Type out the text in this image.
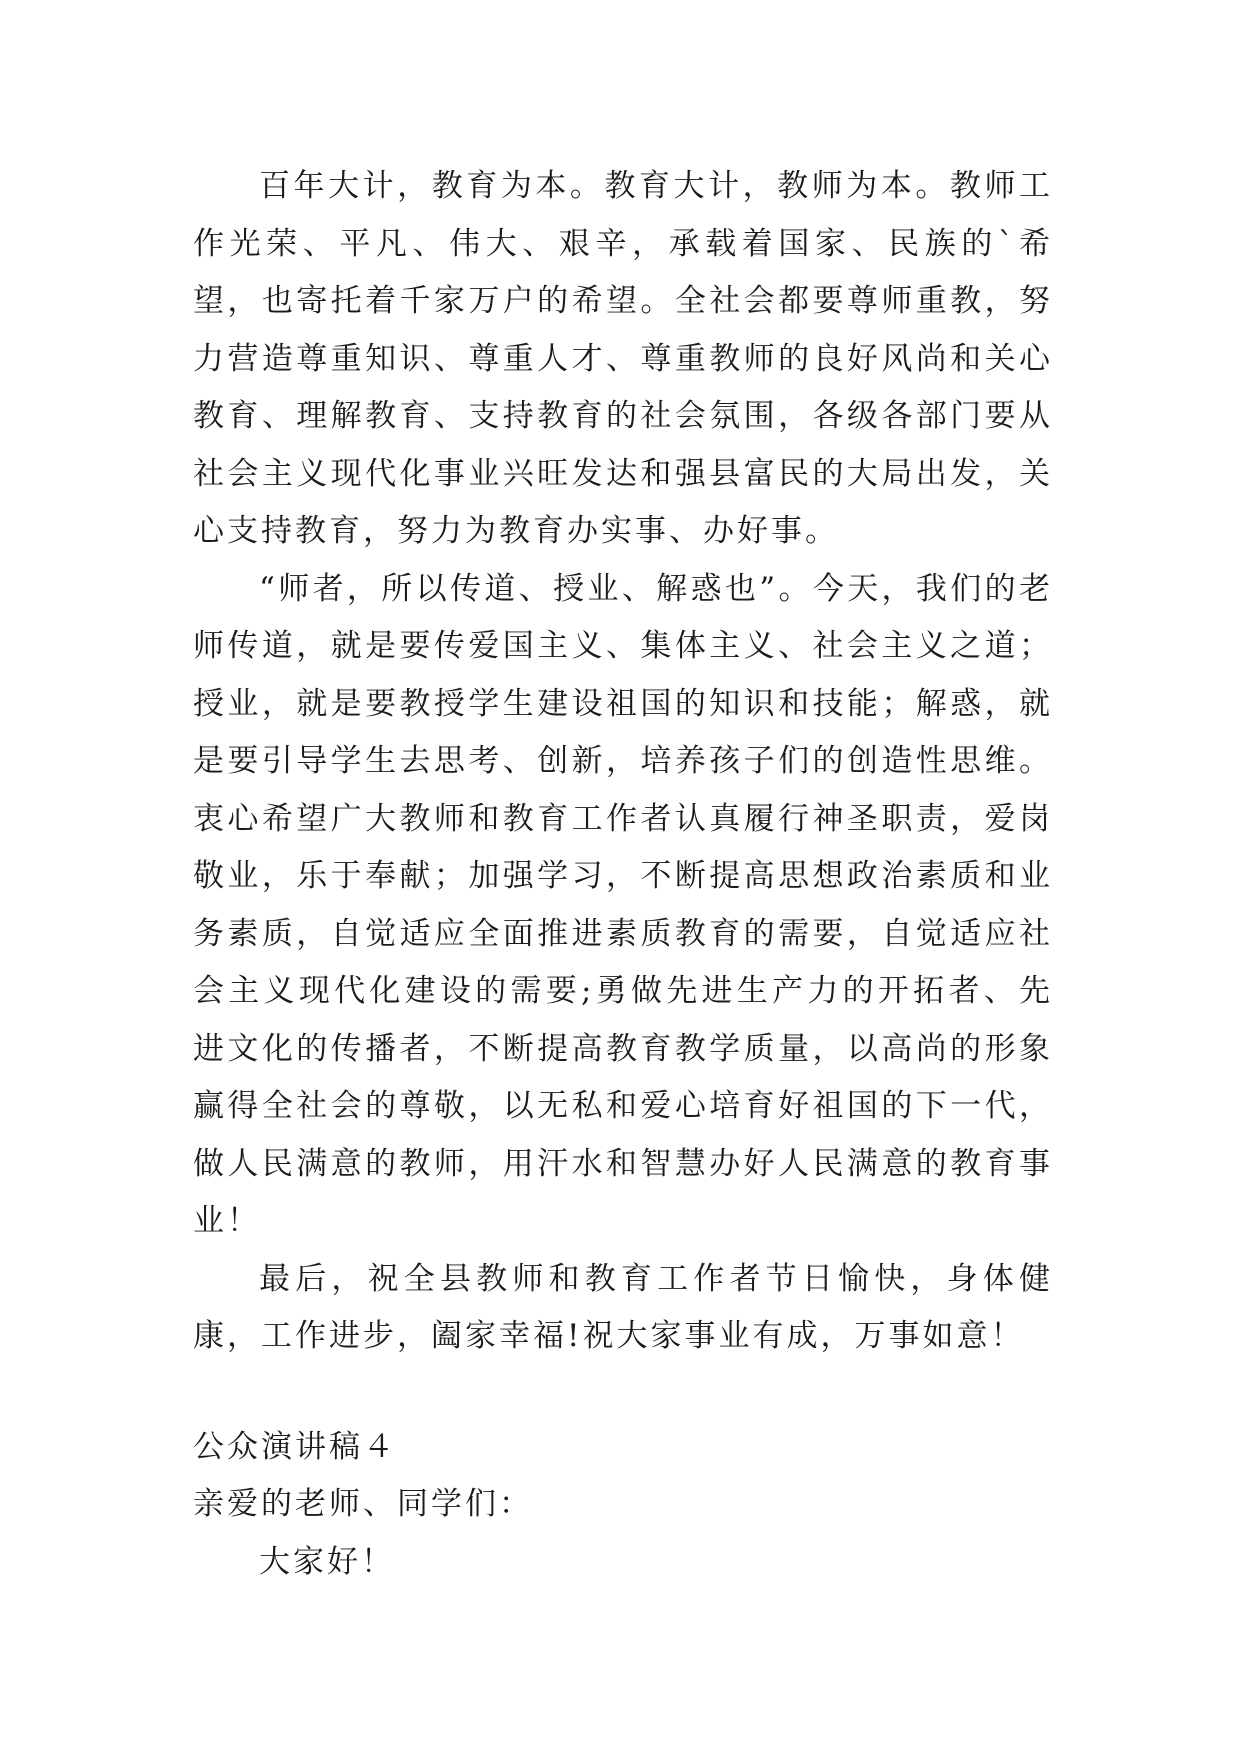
百年大计，教育为本。教育大计，教师为本。教师工作光荣、平凡、伟大、艰辛，承载着国家、民族的`希望，也寄托着千家万户的希望。全社会都要尊师重教，努力营造尊重知识、尊重人才、尊重教师的良好风尚和关心教育、理解教育、支持教育的社会氛围，各级各部门要从社会主义现代化事业兴旺发达和强县富民的大局出发，关心支持教育，努力为教育办实事、办好事。

“师者，所以传道、授业、解惑也”。今天，我们的老师传道，就是要传爱国主义、集体主义、社会主义之道；授业，就是要教授学生建设祖国的知识和技能；解惑，就是要引导学生去思考、创新，培养孩子们的创造性思维。衷心希望广大教师和教育工作者认真履行神圣职责，爱岗敬业，乐于奉献；加强学习，不断提高思想政治素质和业务素质，自觉适应全面推进素质教育的需要，自觉适应社会主义现代化建设的需要;勇做先进生产力的开拓者、先进文化的传播者，不断提高教育教学质量，以高尚的形象赢得全社会的尊敬，以无私和爱心培育好祖国的下一代，做人民满意的教师，用汗水和智慧办好人民满意的教育事业！

最后，祝全县教师和教育工作者节日愉快，身体健康，工作进步，阖家幸福!祝大家事业有成，万事如意！

公众演讲稿４

亲爱的老师、同学们：

大家好！
